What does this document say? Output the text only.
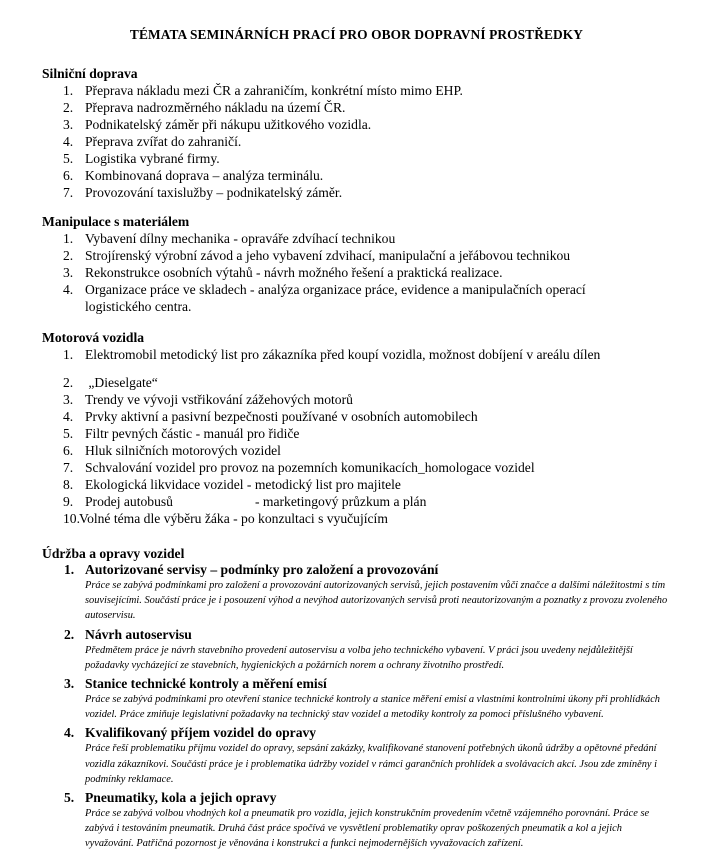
TÉMATA SEMINÁRNÍCH PRACÍ PRO OBOR DOPRAVNÍ PROSTŘEDKY
Silniční doprava
1. Přeprava nákladu mezi ČR a zahraničím, konkrétní místo mimo EHP.
2. Přeprava nadrozměrného nákladu na území ČR.
3. Podnikatelský záměr při nákupu užitkového vozidla.
4. Přeprava zvířat do zahraničí.
5. Logistika vybrané firmy.
6. Kombinovaná doprava – analýza terminálu.
7. Provozování taxislužby – podnikatelský záměr.
Manipulace s materiálem
1. Vybavení dílny mechanika - opraváře zdvíhací technikou
2. Strojírenský výrobní závod a jeho vybavení zdvihací, manipulační a jeřábovou technikou
3. Rekonstrukce osobních výtahů - návrh možného řešení a praktická realizace.
4. Organizace práce ve skladech - analýza organizace práce, evidence a manipulačních operací logistického centra.
Motorová vozidla
1. Elektromobil metodický list pro zákazníka před koupí vozidla, možnost dobíjení v areálu dílen
2. „Dieselgate“
3. Trendy ve vývoji vstřikování zážehových motorů
4. Prvky aktivní a pasivní bezpečnosti používané v osobních automobilech
5. Filtr pevných částic - manuál pro řidiče
6. Hluk silničních motorových vozidel
7. Schvalování vozidel pro provoz na pozemních komunikacích_homologace vozidel
8. Ekologická likvidace vozidel - metodický list pro majitele
9. Prodej autobusů	- marketingový průzkum a plán
10. Volné téma dle výběru žáka - po konzultaci s vyučujícím
Údržba a opravy vozidel
1. Autorizované servisy – podmínky pro založení a provozování
Práce se zabývá podmínkami pro založení a provozování autorizovaných servisů, jejich postavením vůči značce a dalšími náležitostmi s tím souvisejícími. Součástí práce je i posouzení výhod a nevýhod autorizovaných servisů proti neautorizovaným a poznatky z provozu zvoleného autoservisu.
2. Návrh autoservisu
Předmětem práce je návrh stavebního provedení autoservisu a volba jeho technického vybavení. V práci jsou uvedeny nejdůležitější požadavky vycházející ze stavebních, hygienických a požárních norem a ochrany životního prostředí.
3. Stanice technické kontroly a měření emisí
Práce se zabývá podmínkami pro otevření stanice technické kontroly a stanice měření emisí a vlastními kontrolními úkony při prohlídkách vozidel. Práce zmiňuje legislativní požadavky na technický stav vozidel a metodiky kontroly za pomoci příslušného vybavení.
4. Kvalifikovaný příjem vozidel do opravy
Práce řeší problematiku příjmu vozidel do opravy, sepsání zakázky, kvalifikované stanovení potřebných úkonů údržby a opětovné předání vozidla zákazníkovi. Součástí práce je i problematika údržby vozidel v rámci garančních prohlídek a svolávacích akcí. Jsou zde zmíněny i podmínky reklamace.
5. Pneumatiky, kola a jejich opravy
Práce se zabývá volbou vhodných kol a pneumatik pro vozidla, jejich konstrukčním provedením včetně vzájemného porovnání. Práce se zabývá i testováním pneumatik. Druhá část práce spočívá ve vysvětlení problematiky oprav poškozených pneumatik a kol a jejich vyvažování. Patřičná pozornost je věnována i konstrukci a funkci nejmodernějších vyvažovacích zařízení.
